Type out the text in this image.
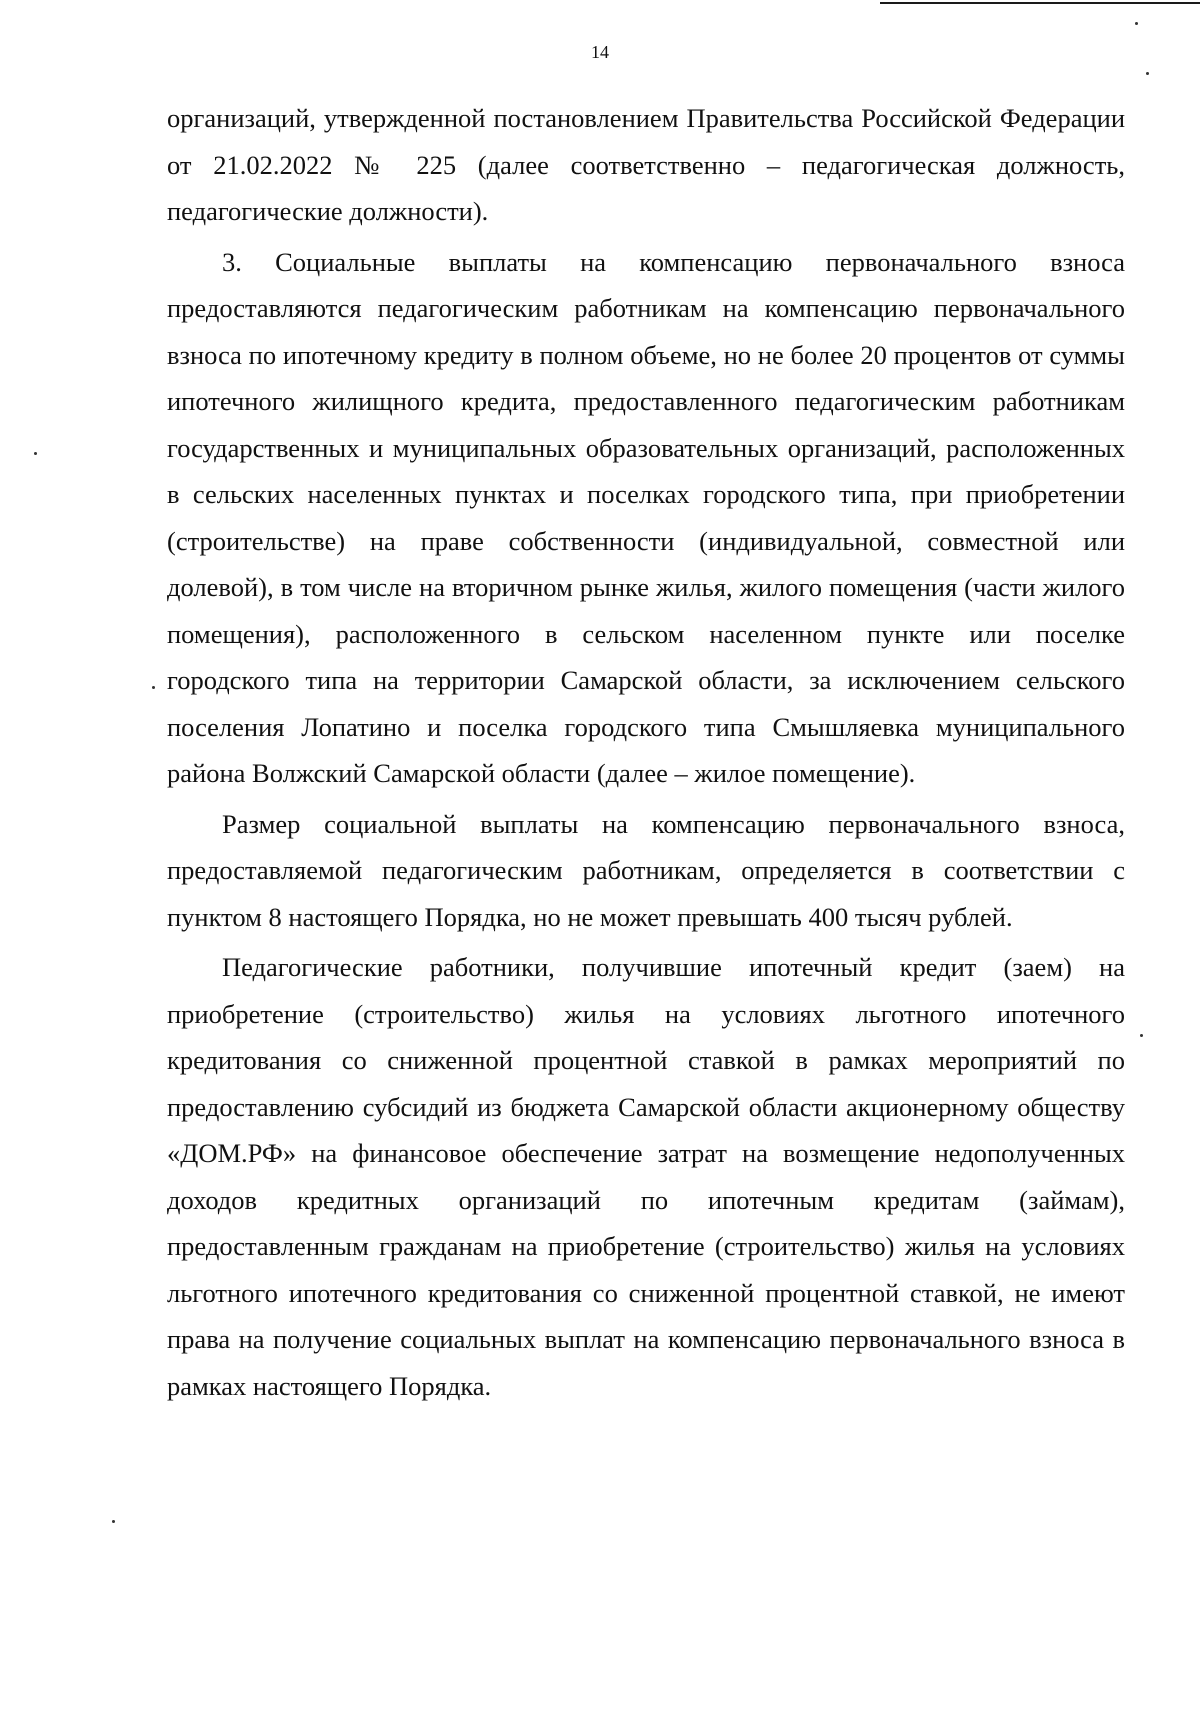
14

организаций, утвержденной постановлением Правительства Российской Федерации от 21.02.2022 № 225 (далее соответственно – педагогическая должность, педагогические должности).

3. Социальные выплаты на компенсацию первоначального взноса предоставляются педагогическим работникам на компенсацию первоначального взноса по ипотечному кредиту в полном объеме, но не более 20 процентов от суммы ипотечного жилищного кредита, предоставленного педагогическим работникам государственных и муниципальных образовательных организаций, расположенных в сельских населенных пунктах и поселках городского типа, при приобретении (строительстве) на праве собственности (индивидуальной, совместной или долевой), в том числе на вторичном рынке жилья, жилого помещения (части жилого помещения), расположенного в сельском населенном пункте или поселке городского типа на территории Самарской области, за исключением сельского поселения Лопатино и поселка городского типа Смышляевка муниципального района Волжский Самарской области (далее – жилое помещение).

Размер социальной выплаты на компенсацию первоначального взноса, предоставляемой педагогическим работникам, определяется в соответствии с пунктом 8 настоящего Порядка, но не может превышать 400 тысяч рублей.

Педагогические работники, получившие ипотечный кредит (заем) на приобретение (строительство) жилья на условиях льготного ипотечного кредитования со сниженной процентной ставкой в рамках мероприятий по предоставлению субсидий из бюджета Самарской области акционерному обществу «ДОМ.РФ» на финансовое обеспечение затрат на возмещение недополученных доходов кредитных организаций по ипотечным кредитам (займам), предоставленным гражданам на приобретение (строительство) жилья на условиях льготного ипотечного кредитования со сниженной процентной ставкой, не имеют права на получение социальных выплат на компенсацию первоначального взноса в рамках настоящего Порядка.
